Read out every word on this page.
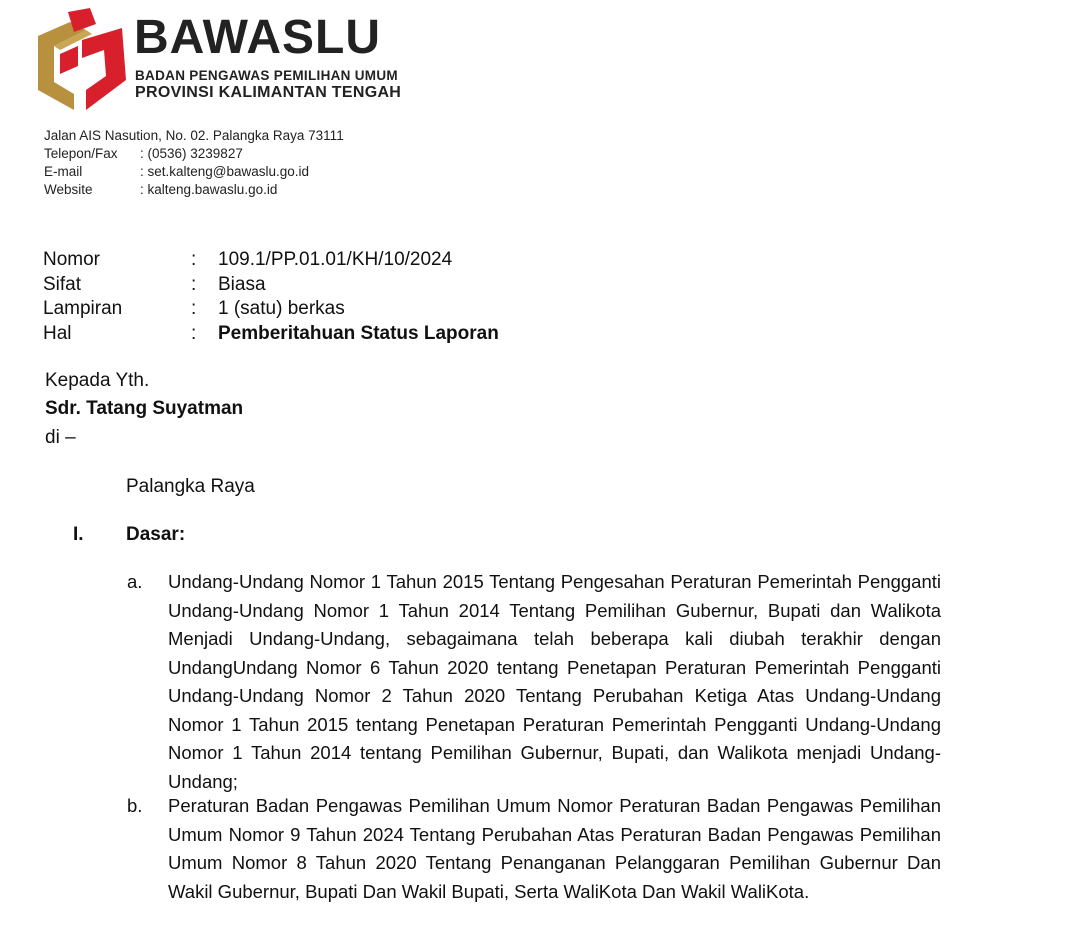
BAWASLU
BADAN PENGAWAS PEMILIHAN UMUM
PROVINSI KALIMANTAN TENGAH
Jalan AIS Nasution, No. 02. Palangka Raya 73111
Telepon/Fax : (0536) 3239827
E-mail	: set.kalteng@bawaslu.go.id
Website	: kalteng.bawaslu.go.id
Nomor	: 109.1/PP.01.01/KH/10/2024
Sifat	: Biasa
Lampiran	: 1 (satu) berkas
Hal	: Pemberitahuan Status Laporan
Kepada Yth.
Sdr. Tatang Suyatman
di –
Palangka Raya
I. Dasar:
a. Undang-Undang Nomor 1 Tahun 2015 Tentang Pengesahan Peraturan Pemerintah Pengganti Undang-Undang Nomor 1 Tahun 2014 Tentang Pemilihan Gubernur, Bupati dan Walikota Menjadi Undang-Undang, sebagaimana telah beberapa kali diubah terakhir dengan UndangUndang Nomor 6 Tahun 2020 tentang Penetapan Peraturan Pemerintah Pengganti Undang-Undang Nomor 2 Tahun 2020 Tentang Perubahan Ketiga Atas Undang-Undang Nomor 1 Tahun 2015 tentang Penetapan Peraturan Pemerintah Pengganti Undang-Undang Nomor 1 Tahun 2014 tentang Pemilihan Gubernur, Bupati, dan Walikota menjadi Undang-Undang;
b. Peraturan Badan Pengawas Pemilihan Umum Nomor Peraturan Badan Pengawas Pemilihan Umum Nomor 9 Tahun 2024 Tentang Perubahan Atas Peraturan Badan Pengawas Pemilihan Umum Nomor 8 Tahun 2020 Tentang Penanganan Pelanggaran Pemilihan Gubernur Dan Wakil Gubernur, Bupati Dan Wakil Bupati, Serta WaliKota Dan Wakil WaliKota.
